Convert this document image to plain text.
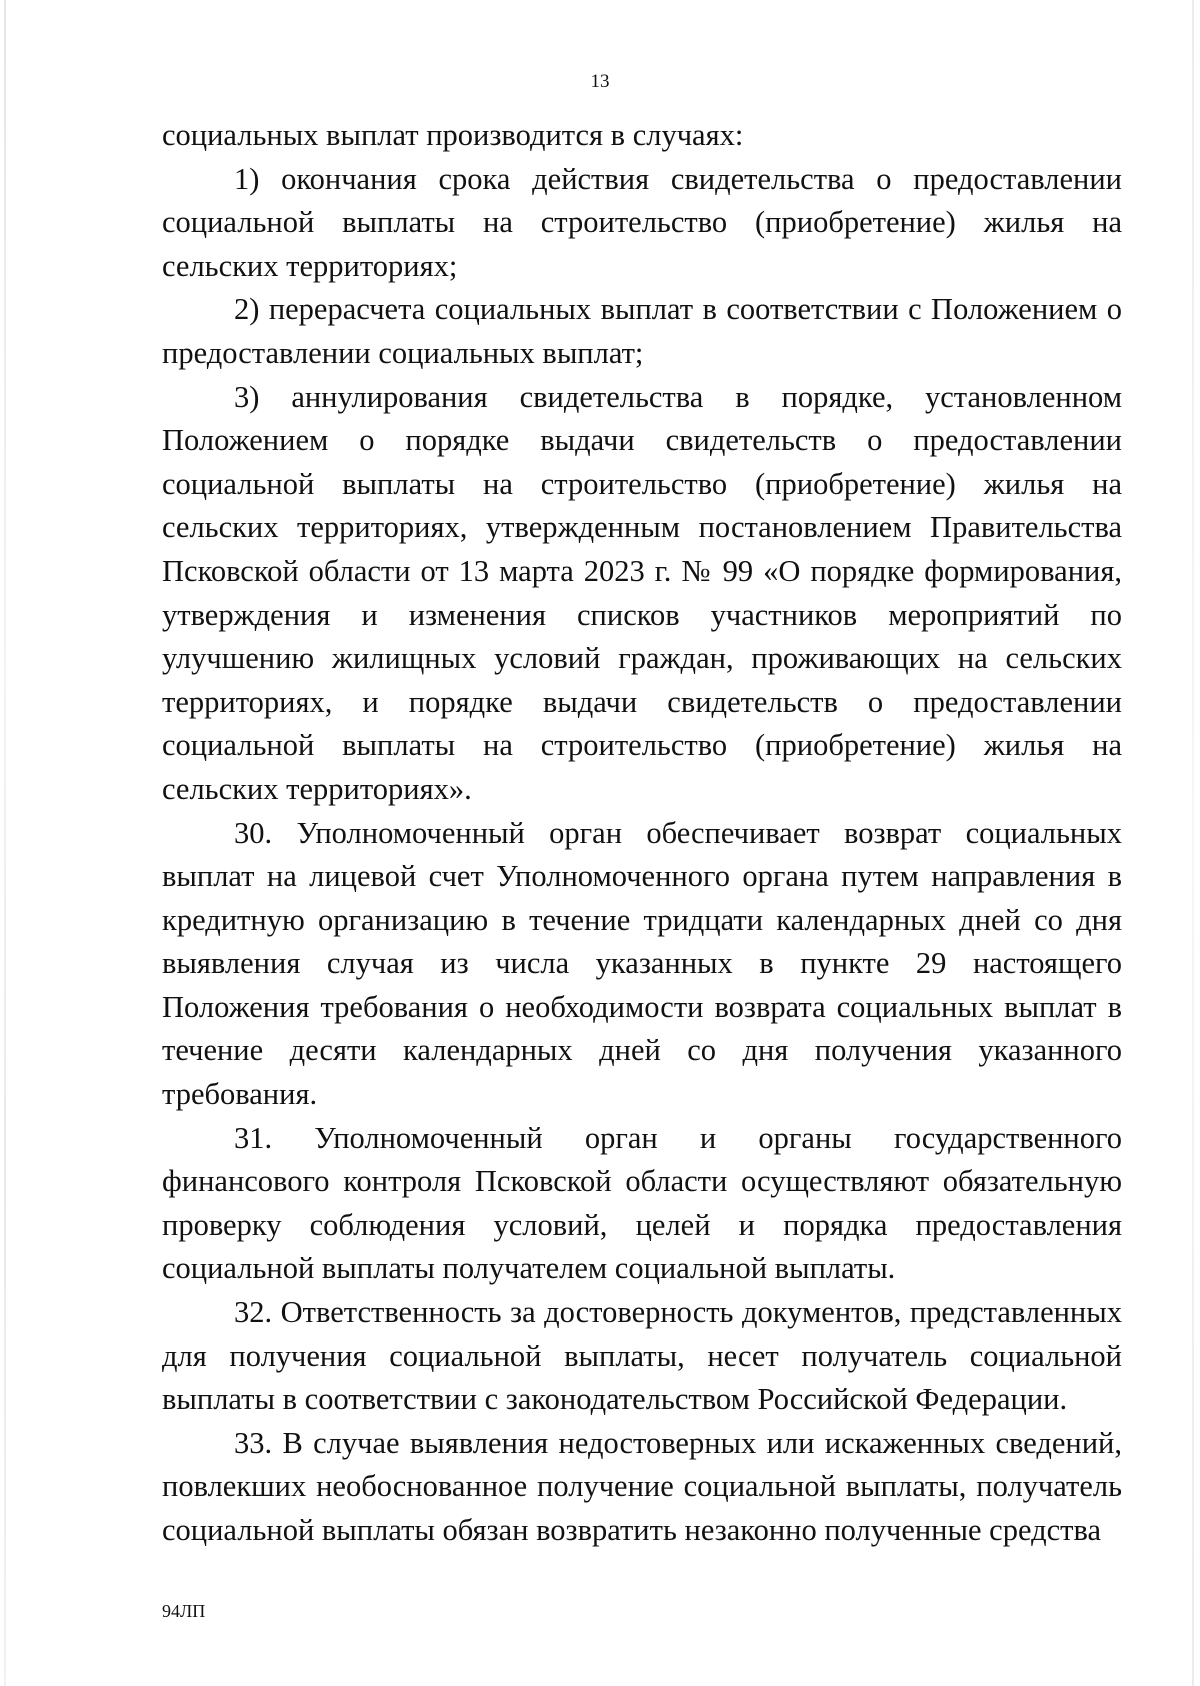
13

социальных выплат производится в случаях:

1) окончания срока действия свидетельства о предоставлении социальной выплаты на строительство (приобретение) жилья на сельских территориях;

2) перерасчета социальных выплат в соответствии с Положением о предоставлении социальных выплат;

3) аннулирования свидетельства в порядке, установленном Положением о порядке выдачи свидетельств о предоставлении социальной выплаты на строительство (приобретение) жилья на сельских территориях, утвержденным постановлением Правительства Псковской области от 13 марта 2023 г. № 99 «О порядке формирования, утверждения и изменения списков участников мероприятий по улучшению жилищных условий граждан, проживающих на сельских территориях, и порядке выдачи свидетельств о предоставлении социальной выплаты на строительство (приобретение) жилья на сельских территориях».

30. Уполномоченный орган обеспечивает возврат социальных выплат на лицевой счет Уполномоченного органа путем направления в кредитную организацию в течение тридцати календарных дней со дня выявления случая из числа указанных в пункте 29 настоящего Положения требования о необходимости возврата социальных выплат в течение десяти календарных дней со дня получения указанного требования.

31. Уполномоченный орган и органы государственного финансового контроля Псковской области осуществляют обязательную проверку соблюдения условий, целей и порядка предоставления социальной выплаты получателем социальной выплаты.

32. Ответственность за достоверность документов, представленных для получения социальной выплаты, несет получатель социальной выплаты в соответствии с законодательством Российской Федерации.

33. В случае выявления недостоверных или искаженных сведений, повлекших необоснованное получение социальной выплаты, получатель социальной выплаты обязан возвратить незаконно полученные средства

94ЛП
